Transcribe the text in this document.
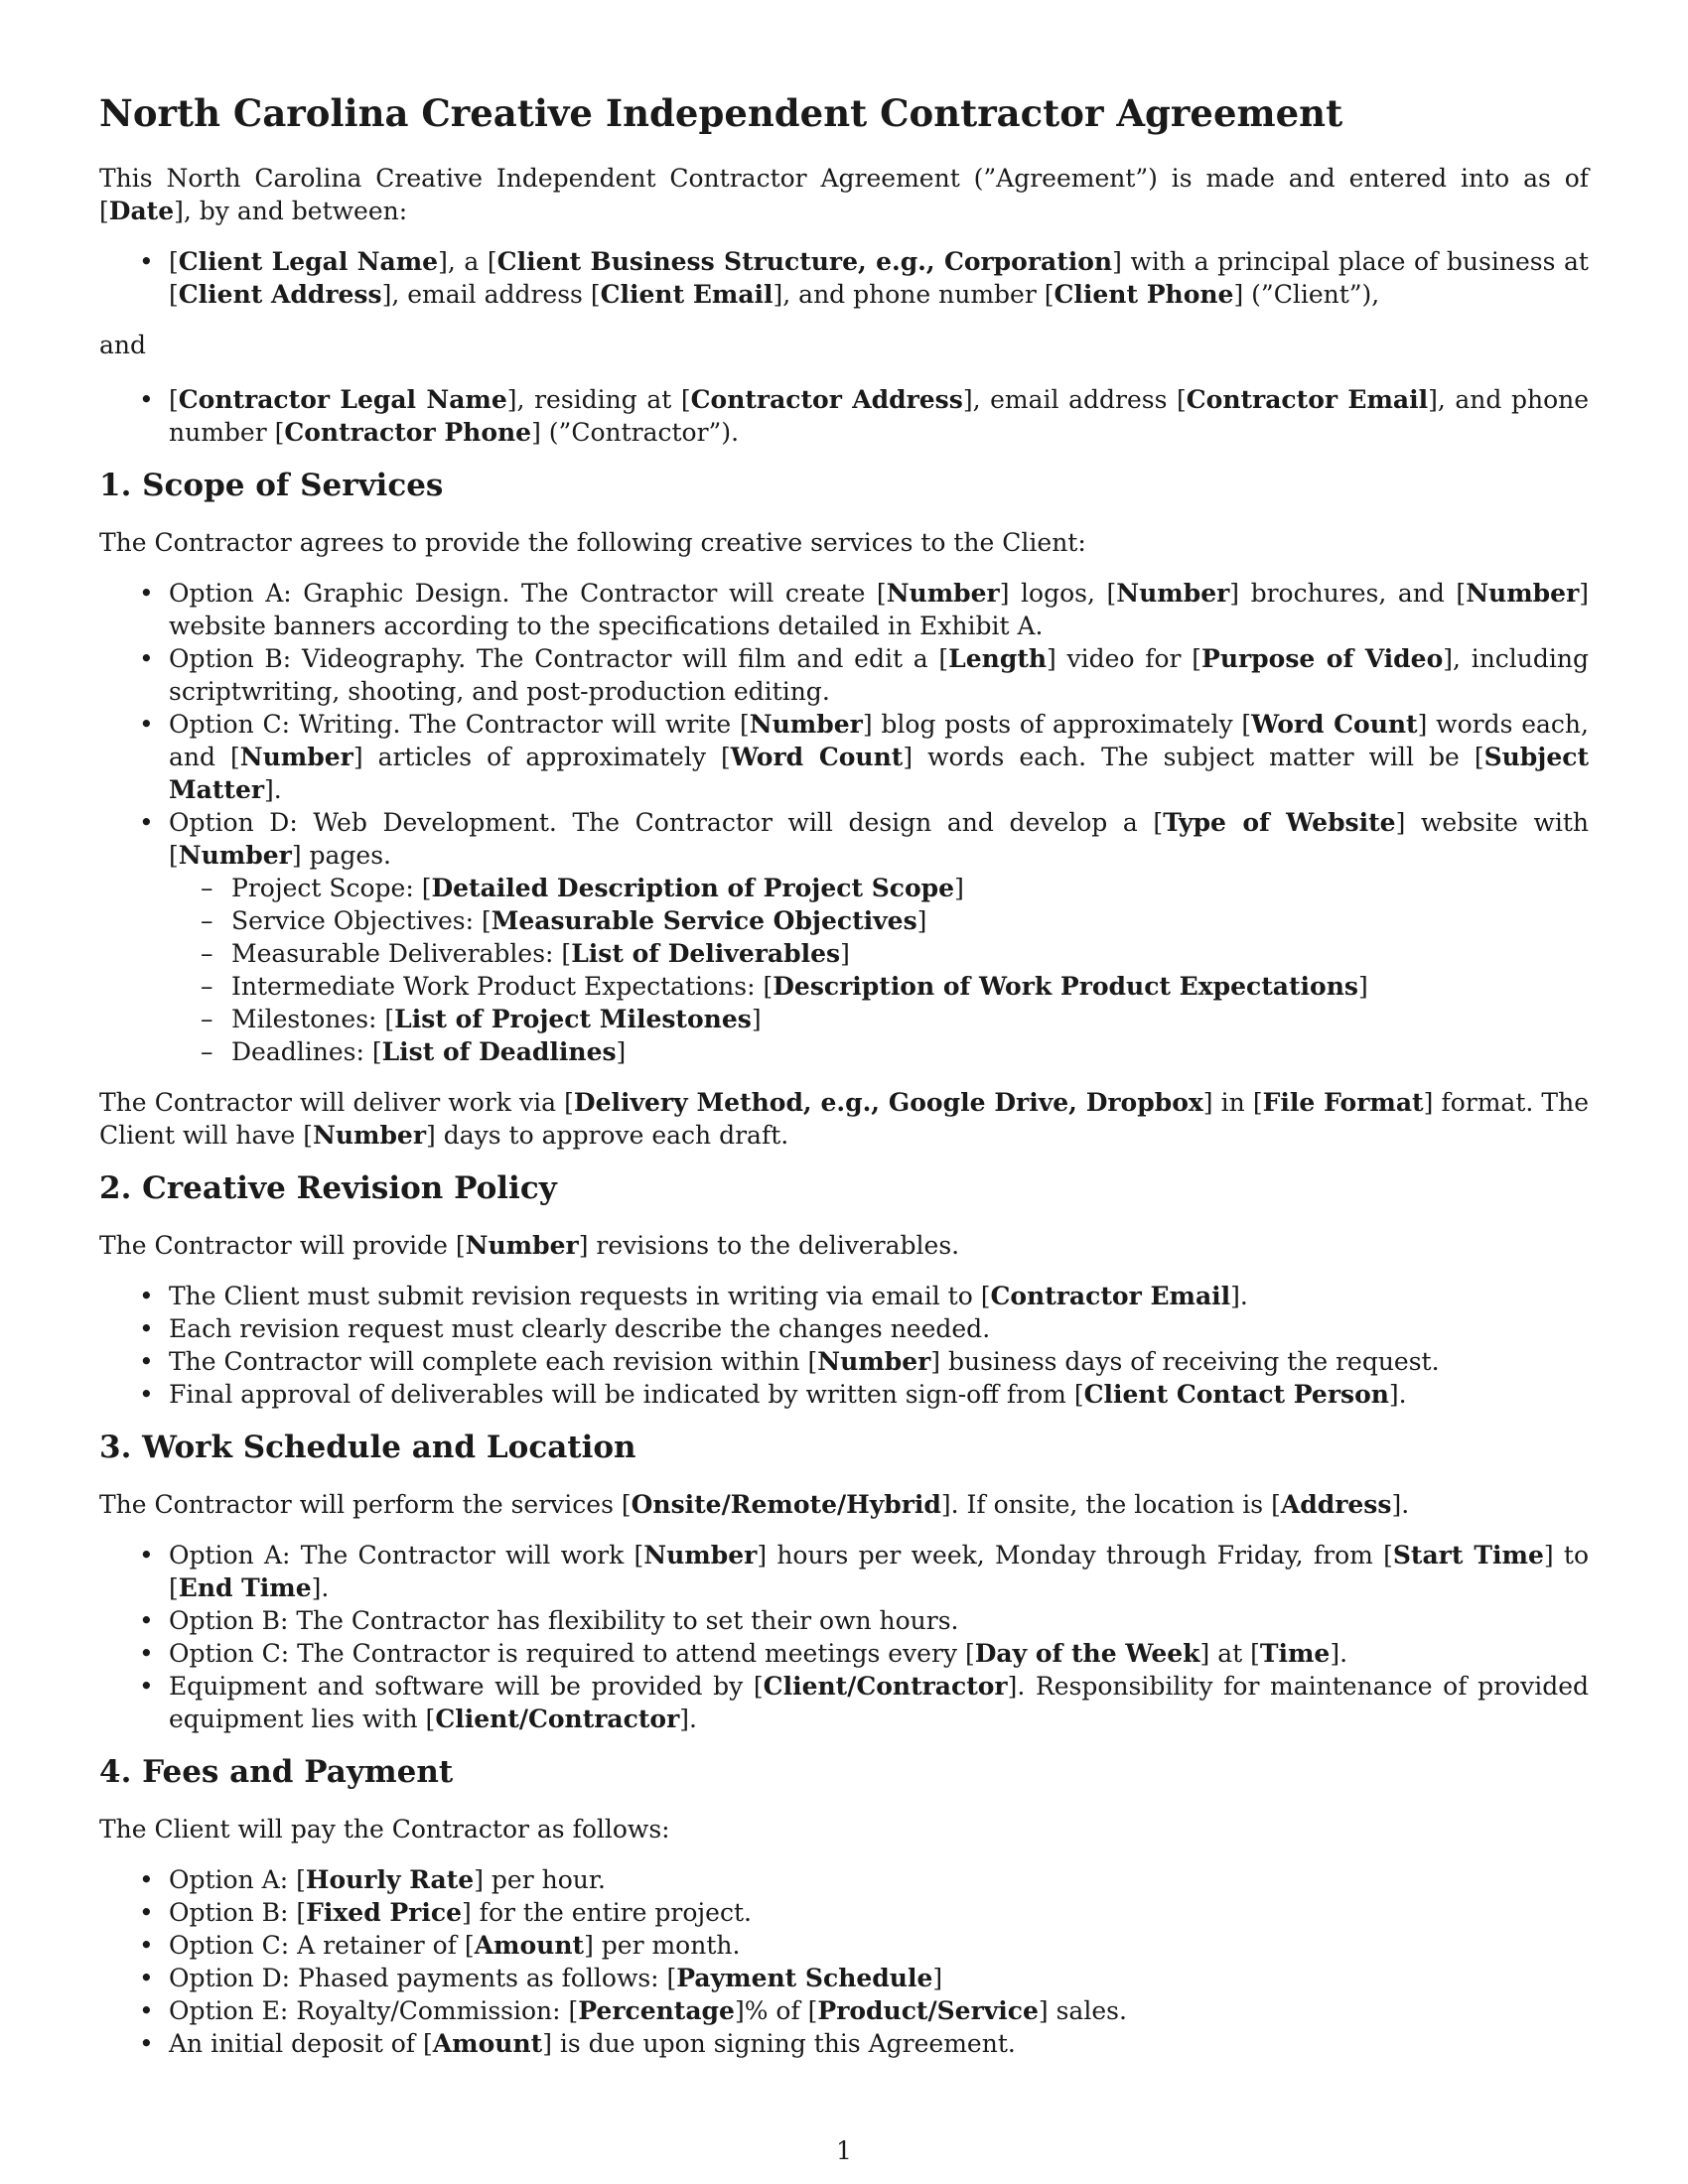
North Carolina Creative Independent Contractor Agreement

This North Carolina Creative Independent Contractor Agreement (”Agreement”) is made and entered into as of [Date], by and between:

• [Client Legal Name], a [Client Business Structure, e.g., Corporation] with a principal place of business at [Client Address], email address [Client Email], and phone number [Client Phone] (”Client”),

and

• [Contractor Legal Name], residing at [Contractor Address], email address [Contractor Email], and phone number [Contractor Phone] (”Contractor”).
1. Scope of Services

The Contractor agrees to provide the following creative services to the Client:

• Option A: Graphic Design. The Contractor will create [Number] logos, [Number] brochures, and [Number] website banners according to the specifications detailed in Exhibit A.
• Option B: Videography. The Contractor will film and edit a [Length] video for [Purpose of Video], including scriptwriting, shooting, and post-production editing.
• Option C: Writing. The Contractor will write [Number] blog posts of approximately [Word Count] words each, and [Number] articles of approximately [Word Count] words each. The subject matter will be [Subject Matter].
• Option D: Web Development. The Contractor will design and develop a [Type of Website] website with [Number] pages.
– Project Scope: [Detailed Description of Project Scope]
– Service Objectives: [Measurable Service Objectives]
– Measurable Deliverables: [List of Deliverables]
– Intermediate Work Product Expectations: [Description of Work Product Expectations]
– Milestones: [List of Project Milestones]
– Deadlines: [List of Deadlines]

The Contractor will deliver work via [Delivery Method, e.g., Google Drive, Dropbox] in [File Format] format. The Client will have [Number] days to approve each draft.

2. Creative Revision Policy

The Contractor will provide [Number] revisions to the deliverables.

• The Client must submit revision requests in writing via email to [Contractor Email].
• Each revision request must clearly describe the changes needed.
• The Contractor will complete each revision within [Number] business days of receiving the request.
• Final approval of deliverables will be indicated by written sign-off from [Client Contact Person].
3. Work Schedule and Location

The Contractor will perform the services [Onsite/Remote/Hybrid]. If onsite, the location is [Address].

• Option A: The Contractor will work [Number] hours per week, Monday through Friday, from [Start Time] to [End Time].
• Option B: The Contractor has flexibility to set their own hours.
• Option C: The Contractor is required to attend meetings every [Day of the Week] at [Time].
• Equipment and software will be provided by [Client/Contractor]. Responsibility for maintenance of provided equipment lies with [Client/Contractor].
4. Fees and Payment

The Client will pay the Contractor as follows:

• Option A: [Hourly Rate] per hour.
• Option B: [Fixed Price] for the entire project.
• Option C: A retainer of [Amount] per month.
• Option D: Phased payments as follows: [Payment Schedule]
• Option E: Royalty/Commission: [Percentage]% of [Product/Service] sales.
• An initial deposit of [Amount] is due upon signing this Agreement.
1
